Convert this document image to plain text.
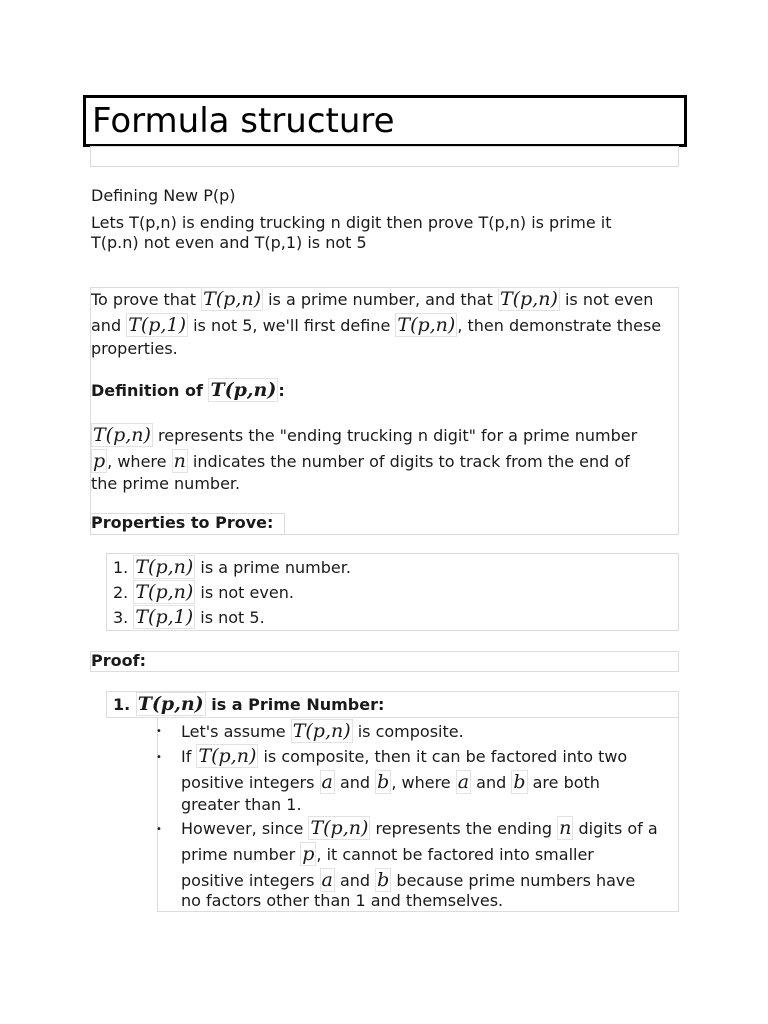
Formula structure
Defining New P(p)
Lets T(p,n) is ending trucking n digit then prove T(p,n) is prime it
T(p.n) not even and T(p,1) is not 5
To prove that T(p,n) is a prime number, and that T(p,n) is not even
and T(p,1) is not 5, we'll first define T(p,n) , then demonstrate these
properties.
Definition of T(p,n) :
T(p,n) represents the "ending trucking n digit" for a prime number
p , where n indicates the number of digits to track from the end of
the prime number.
Properties to Prove:
1. T(p,n) is a prime number.
2. T(p,n) is not even.
3. T(p,1) is not 5.
Proof:
1. T(p,n) is a Prime Number:
• Let's assume T(p,n) is composite.
• If T(p,n) is composite, then it can be factored into two
positive integers a and b , where a and b are both
greater than 1.
• However, since T(p,n) represents the ending n digits of a
prime number p , it cannot be factored into smaller
positive integers a and b because prime numbers have
no factors other than 1 and themselves.
